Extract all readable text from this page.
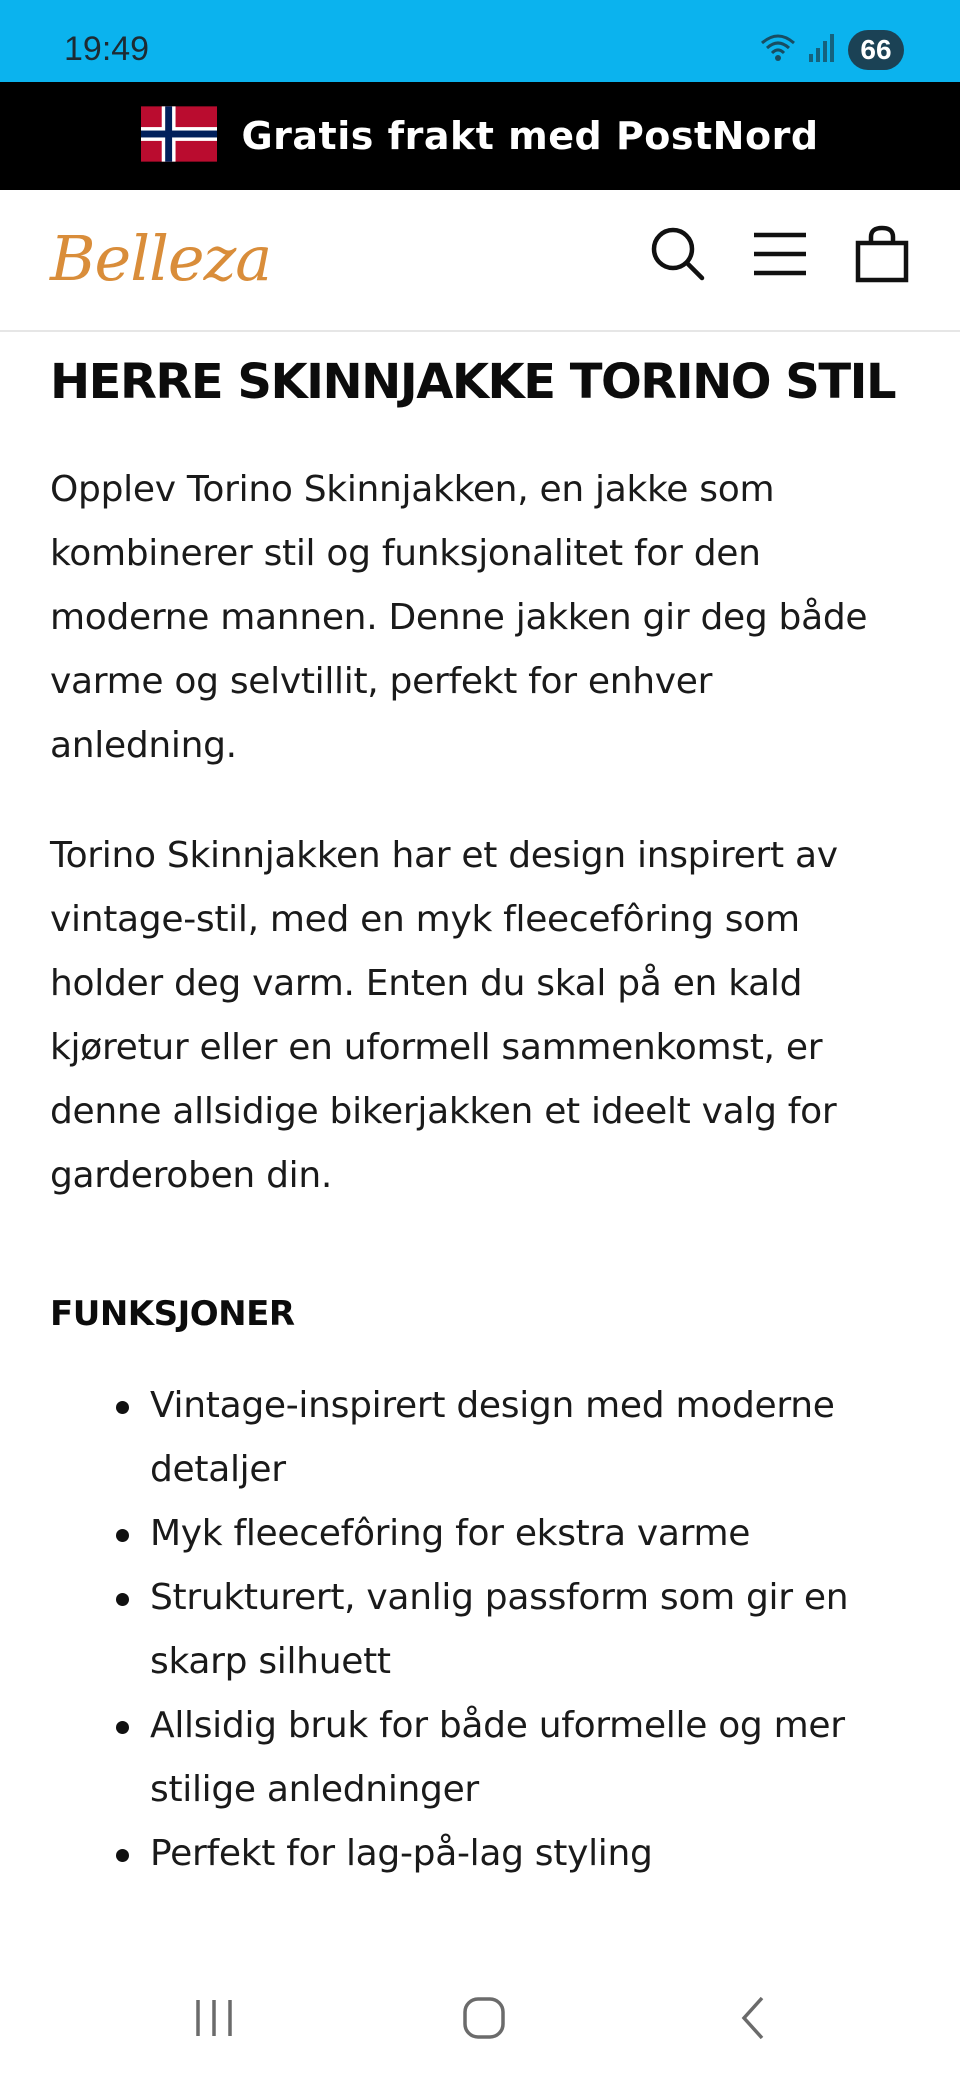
19:49	66
Gratis frakt med PostNord
Belleza
HERRE SKINNJAKKE TORINO STIL

Opplev Torino Skinnjakken, en jakke som kombinerer stil og funksjonalitet for den moderne mannen. Denne jakken gir deg både varme og selvtillit, perfekt for enhver anledning.

Torino Skinnjakken har et design inspirert av vintage-stil, med en myk fleecefôring som holder deg varm. Enten du skal på en kald kjøretur eller en uformell sammenkomst, er denne allsidige bikerjakken et ideelt valg for garderoben din.

FUNKSJONER
Vintage-inspirert design med moderne detaljer
Myk fleecefôring for ekstra varme
Strukturert, vanlig passform som gir en skarp silhuett
Allsidig bruk for både uformelle og mer stilige anledninger
Perfekt for lag-på-lag styling
